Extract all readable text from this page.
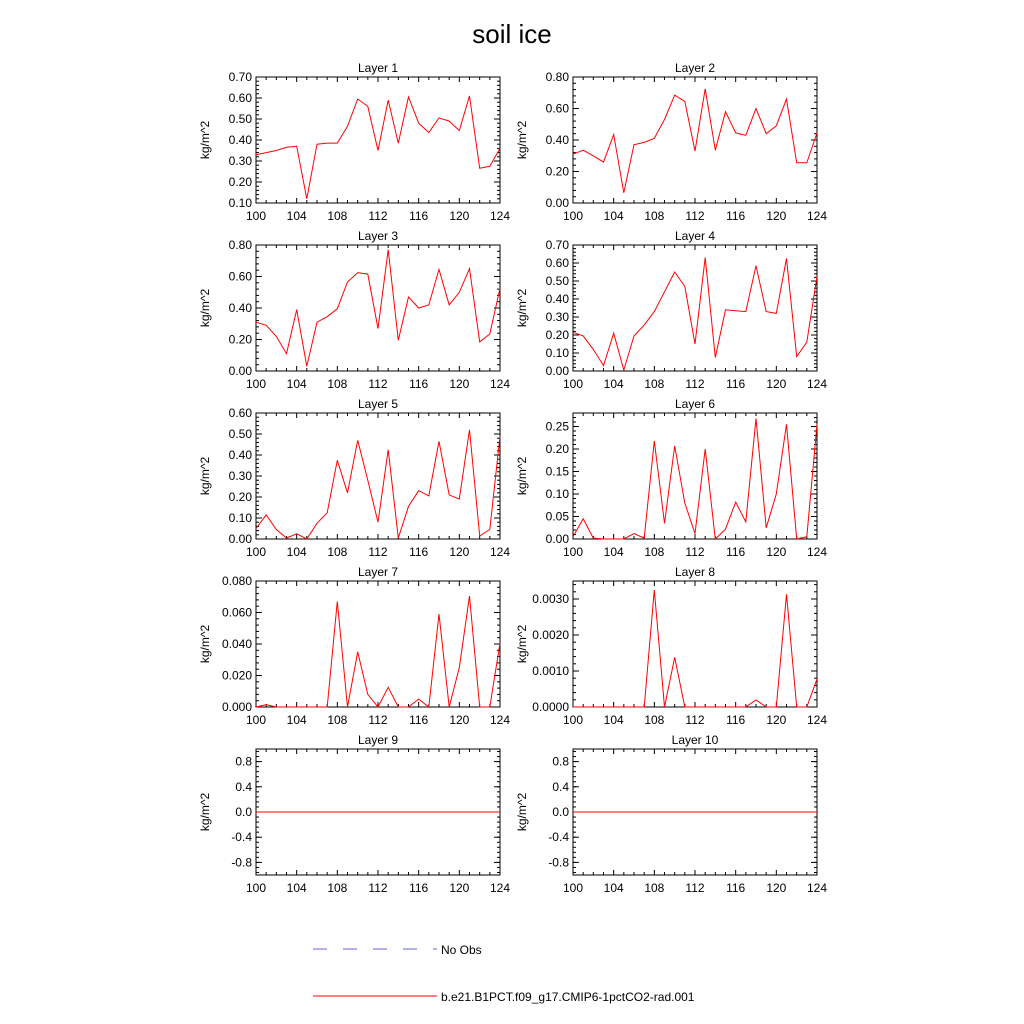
soil ice
Layer 1
kg/m^2
100 104 108 112 116 120 124
0.10
0.20
0.30
0.40
0.50
0.60
0.70
Layer 2
kg/m^2
100 104 108 112 116 120 124
0.00
0.20
0.40
0.60
0.80
Layer 3
kg/m^2
100 104 108 112 116 120 124
0.00
0.20
0.40
0.60
0.80
Layer 4
kg/m^2
100 104 108 112 116 120 124
0.00
0.10
0.20
0.30
0.40
0.50
0.60
0.70
Layer 5
kg/m^2
100 104 108 112 116 120 124
0.00
0.10
0.20
0.30
0.40
0.50
0.60
Layer 6
kg/m^2
100 104 108 112 116 120 124
0.00
0.05
0.10
0.15
0.20
0.25
Layer 7
kg/m^2
100 104 108 112 116 120 124
0.000
0.020
0.040
0.060
0.080
Layer 8
kg/m^2
100 104 108 112 116 120 124
0.0000
0.0010
0.0020
0.0030
Layer 9
kg/m^2
100 104 108 112 116 120 124
-0.8
-0.4
0.0
0.4
0.8
Layer 10
kg/m^2
100 104 108 112 116 120 124
-0.8
-0.4
0.0
0.4
0.8
No Obs
b.e21.B1PCT.f09_g17.CMIP6-1pctCO2-rad.001
